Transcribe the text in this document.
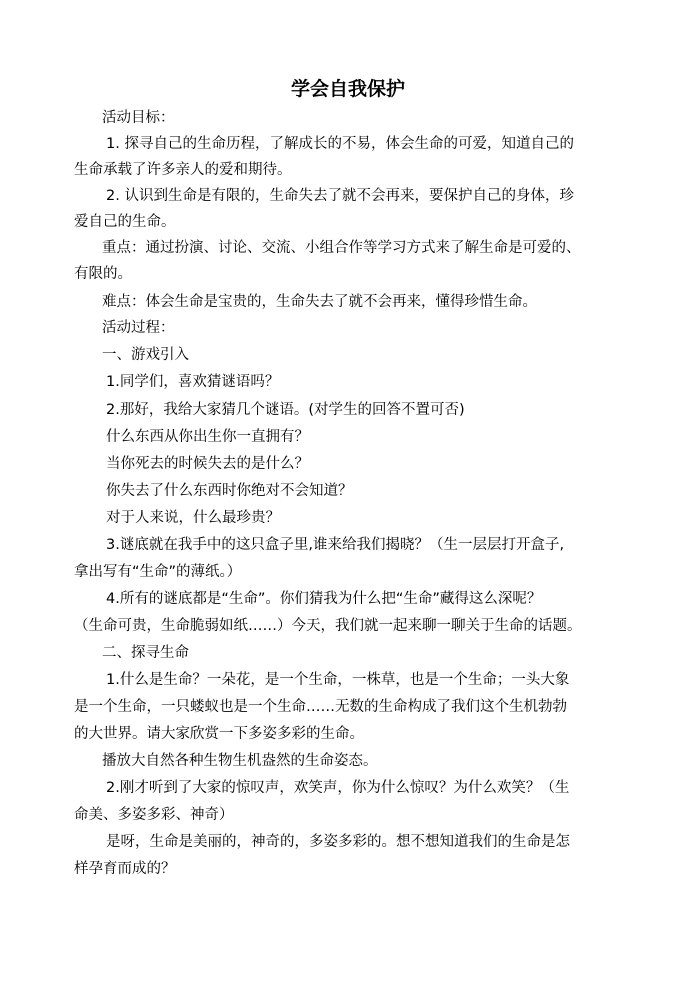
学会自我保护
活动目标：
1. 探寻自己的生命历程，了解成长的不易，体会生命的可爱，知道自己的
生命承载了许多亲人的爱和期待。
2. 认识到生命是有限的，生命失去了就不会再来，要保护自己的身体，珍
爱自己的生命。
重点：通过扮演、讨论、交流、小组合作等学习方式来了解生命是可爱的、
有限的。
难点：体会生命是宝贵的，生命失去了就不会再来，懂得珍惜生命。
活动过程：
一、游戏引入
1.同学们，喜欢猜谜语吗？
2.那好，我给大家猜几个谜语。(对学生的回答不置可否)
什么东西从你出生你一直拥有？
当你死去的时候失去的是什么？
你失去了什么东西时你绝对不会知道？
对于人来说，什么最珍贵？
3.谜底就在我手中的这只盒子里,谁来给我们揭晓？（生一层层打开盒子,
拿出写有“生命”的薄纸。）
4.所有的谜底都是“生命”。你们猜我为什么把“生命”藏得这么深呢？
（生命可贵，生命脆弱如纸……）今天，我们就一起来聊一聊关于生命的话题。
二、探寻生命
1.什么是生命？一朵花，是一个生命，一株草，也是一个生命；一头大象
是一个生命，一只蝼蚁也是一个生命……无数的生命构成了我们这个生机勃勃
的大世界。请大家欣赏一下多姿多彩的生命。
播放大自然各种生物生机盎然的生命姿态。
2.刚才听到了大家的惊叹声，欢笑声，你为什么惊叹？为什么欢笑？（生
命美、多姿多彩、神奇）
是呀，生命是美丽的，神奇的，多姿多彩的。想不想知道我们的生命是怎
样孕育而成的？
